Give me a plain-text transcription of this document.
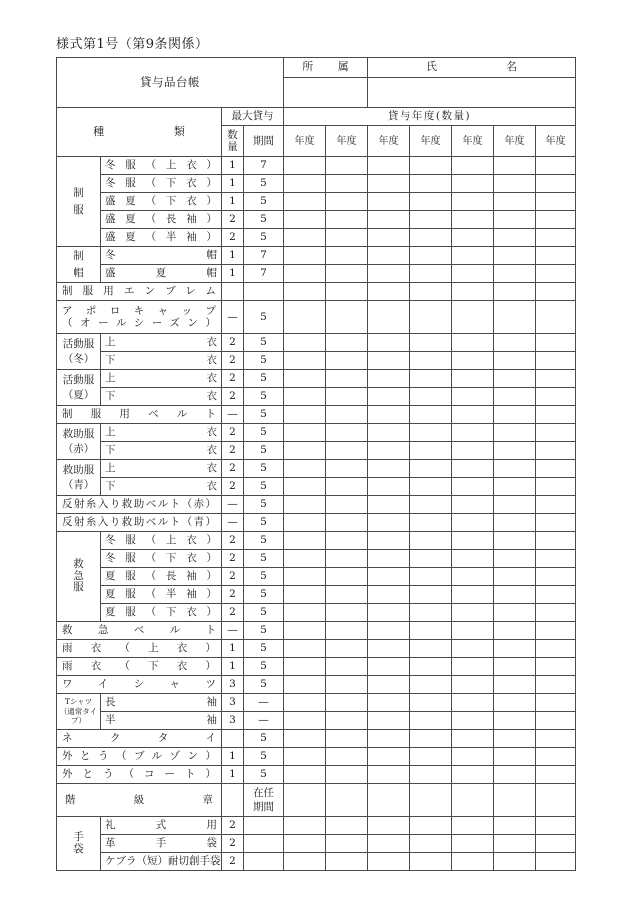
様式第1号（第9条関係）
貸与品台帳				所属		氏名				

種類		最大貸与		貸与年度(数量)						

		数量	期間	年度	年度	年度	年度	年度	年度	年度

制服	冬服（上衣）	1	7							

	冬服（下衣）	1	5							

	盛夏（下衣）	1	5							

	盛夏（長袖）	2	5							

	盛夏（半袖）	2	5							

制帽	冬帽	1	7							

	盛夏帽	1	7							

制服用エンブレム										

アポロキャップ
（オールシーズン）		—	5							

活動服
（冬）	上衣	2	5							

	下衣	2	5							

活動服
（夏）	上衣	2	5							

	下衣	2	5							

制服用ベルト		—	5							

救助服
（赤）	上衣	2	5							

	下衣	2	5							

救助服
（青）	上衣	2	5							

	下衣	2	5							

反射糸入り救助ベルト（赤）		—	5							

反射糸入り救助ベルト（青）		—	5							

救急服	冬服（上衣）	2	5							

	冬服（下衣）	2	5							

	夏服（長袖）	2	5							

	夏服（半袖）	2	5							

	夏服（下衣）	2	5							

救急ベルト		—	5							

雨衣（上衣）		1	5							

雨衣（下衣）		1	5							

ワイシャツ		3	5							

Tシャツ（通常タイプ）	長袖	3	—							

	半袖	3	—							

ネクタイ			5							

外とう（ブルゾン）		1	5							

外とう（コート）		1	5							

階級章			在任
期間							

手袋	礼式用	2								

	革手袋	2								

	ケブラ（短）耐切創手袋	2								
